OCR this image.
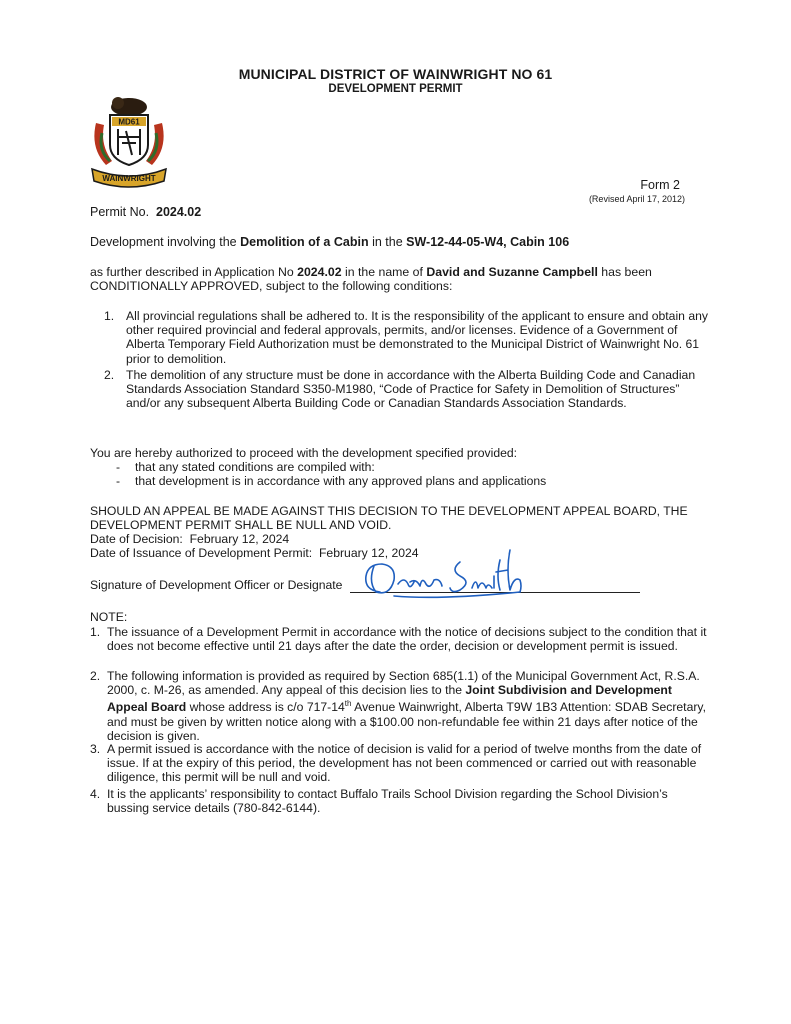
MUNICIPAL DISTRICT OF WAINWRIGHT NO 61
DEVELOPMENT PERMIT
MD61
WAINWRIGHT	Form 2
(Revised April 17, 2012)
Permit No. 2024.02
Development involving the Demolition of a Cabin in the SW-12-44-05-W4, Cabin 106
as further described in Application No 2024.02 in the name of David and Suzanne Campbell has been CONDITIONALLY APPROVED, subject to the following conditions:
1. All provincial regulations shall be adhered to. It is the responsibility of the applicant to ensure and obtain any other required provincial and federal approvals, permits, and/or licenses. Evidence of a Government of Alberta Temporary Field Authorization must be demonstrated to the Municipal District of Wainwright No. 61 prior to demolition.
2. The demolition of any structure must be done in accordance with the Alberta Building Code and Canadian Standards Association Standard S350-M1980, “Code of Practice for Safety in Demolition of Structures” and/or any subsequent Alberta Building Code or Canadian Standards Association Standards.
You are hereby authorized to proceed with the development specified provided:
- that any stated conditions are compiled with:
- that development is in accordance with any approved plans and applications
SHOULD AN APPEAL BE MADE AGAINST THIS DECISION TO THE DEVELOPMENT APPEAL BOARD, THE DEVELOPMENT PERMIT SHALL BE NULL AND VOID.
Date of Decision: February 12, 2024
Date of Issuance of Development Permit: February 12, 2024
Signature of Development Officer or Designate
NOTE:
1. The issuance of a Development Permit in accordance with the notice of decisions subject to the condition that it does not become effective until 21 days after the date the order, decision or development permit is issued.
2. The following information is provided as required by Section 685(1.1) of the Municipal Government Act, R.S.A. 2000, c. M-26, as amended. Any appeal of this decision lies to the Joint Subdivision and Development Appeal Board whose address is c/o 717-14th Avenue Wainwright, Alberta T9W 1B3 Attention: SDAB Secretary, and must be given by written notice along with a $100.00 non-refundable fee within 21 days after notice of the decision is given.
3. A permit issued is accordance with the notice of decision is valid for a period of twelve months from the date of issue. If at the expiry of this period, the development has not been commenced or carried out with reasonable diligence, this permit will be null and void.
4. It is the applicants’ responsibility to contact Buffalo Trails School Division regarding the School Division’s bussing service details (780-842-6144).
